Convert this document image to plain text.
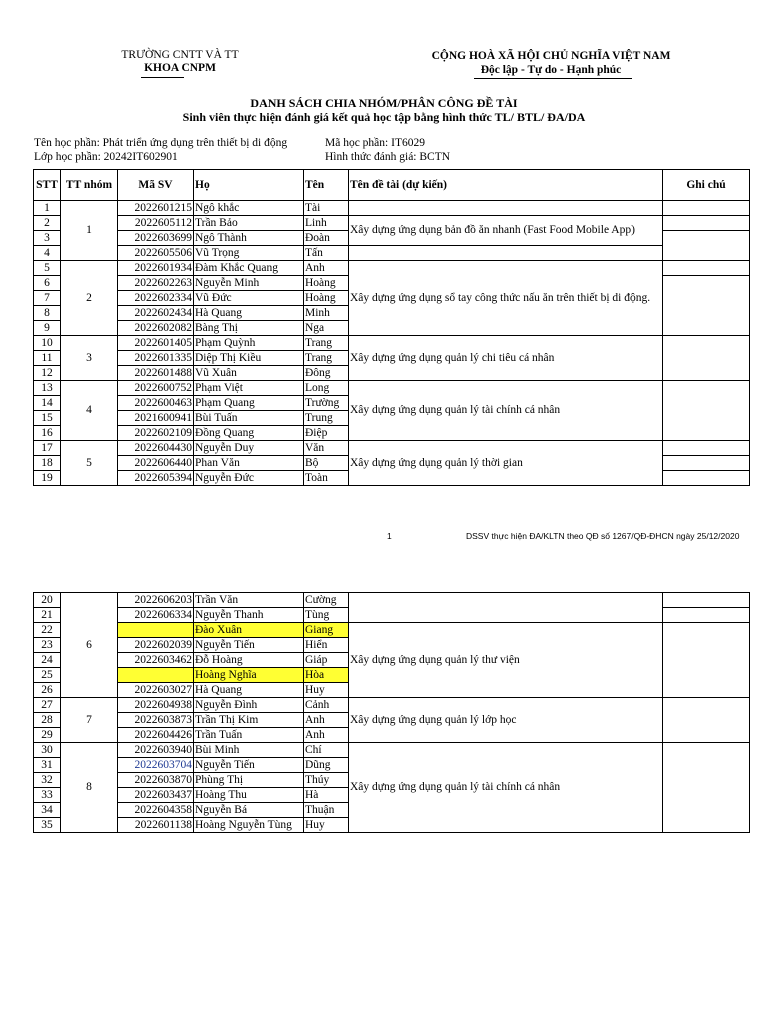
TRƯỜNG CNTT VÀ TT
KHOA CNPM
CỘNG HOÀ XÃ HỘI CHỦ NGHĨA VIỆT NAM
Độc lập - Tự do - Hạnh phúc
DANH SÁCH CHIA NHÓM/PHÂN CÔNG ĐỀ TÀI
Sinh viên thực hiện đánh giá kết quả học tập bằng hình thức TL/ BTL/ ĐA/DA
Tên học phần: Phát triển ứng dụng trên thiết bị di động
Lớp học phần: 20242IT602901
Mã học phần: IT6029
Hình thức đánh giá: BCTN
STT	TT nhóm	Mã SV	Họ	Tên	Tên đề tài (dự kiến)	Ghi chú
1	1	2022601215	Ngô khắc	Tài		
2		2022605112	Trần Bảo	Linh	Xây dựng ứng dụng bản đồ ăn nhanh (Fast Food Mobile App)	
3		2022603699	Ngô Thành	Đoàn		
4		2022605506	Vũ Trọng	Tấn		
5	2	2022601934	Đàm Khắc Quang	Anh	Xây dựng ứng dụng sổ tay công thức nấu ăn trên thiết bị di động.	
6		2022602263	Nguyễn Minh	Hoàng		
7		2022602334	Vũ Đức	Hoàng		
8		2022602434	Hà Quang	Minh		
9		2022602082	Bàng Thị	Nga		
10	3	2022601405	Phạm Quỳnh	Trang	Xây dựng ứng dụng quản lý chi tiêu cá nhân	
11		2022601335	Diệp Thị Kiều	Trang		
12		2022601488	Vũ Xuân	Đông		
13	4	2022600752	Phạm Việt	Long	Xây dựng ứng dụng quản lý tài chính cá nhân	
14		2022600463	Phạm Quang	Trường		
15		2021600941	Bùi Tuấn	Trung		
16		2022602109	Đồng Quang	Điệp		
17	5	2022604430	Nguyễn Duy	Văn	Xây dựng ứng dụng quản lý thời gian	
18		2022606440	Phan Văn	Bộ		
19		2022605394	Nguyễn Đức	Toàn		
1	DSSV thực hiện ĐA/KLTN theo QĐ số 1267/QĐ-ĐHCN ngày 25/12/2020
20	6	2022606203	Trần Văn	Cường		
21		2022606334	Nguyễn Thanh	Tùng		
22			Đào Xuân	Giang	Xây dựng ứng dụng quản lý thư viện	
23		2022602039	Nguyễn Tiến	Hiển		
24		2022603462	Đỗ Hoàng	Giáp		
25			Hoàng Nghĩa	Hòa		
26		2022603027	Hà Quang	Huy		
27	7	2022604938	Nguyễn Đình	Cảnh	Xây dựng ứng dụng quản lý lớp học	
28		2022603873	Trần Thị Kim	Anh		
29		2022604426	Trần Tuấn	Anh		
30	8	2022603940	Bùi Minh	Chí	Xây dựng ứng dụng quản lý tài chính cá nhân	
31		2022603704	Nguyễn Tiến	Dũng		
32		2022603870	Phùng Thị	Thúy		
33		2022603437	Hoàng Thu	Hà		
34		2022604358	Nguyễn Bá	Thuận		
35		2022601138	Hoàng Nguyễn Tùng	Huy		
